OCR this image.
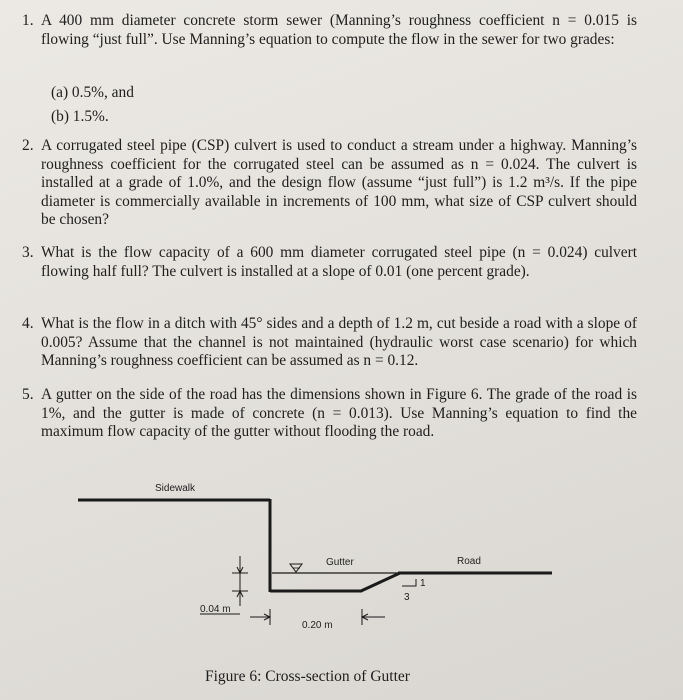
1. A 400 mm diameter concrete storm sewer (Manning’s roughness coefficient n = 0.015 is flowing “just full”. Use Manning’s equation to compute the flow in the sewer for two grades:
(a) 0.5%, and
(b) 1.5%.
2. A corrugated steel pipe (CSP) culvert is used to conduct a stream under a highway. Manning’s roughness coefficient for the corrugated steel can be assumed as n = 0.024. The culvert is installed at a grade of 1.0%, and the design flow (assume “just full”) is 1.2 m³/s. If the pipe diameter is commercially available in increments of 100 mm, what size of CSP culvert should be chosen?
3. What is the flow capacity of a 600 mm diameter corrugated steel pipe (n = 0.024) culvert flowing half full? The culvert is installed at a slope of 0.01 (one percent grade).
4. What is the flow in a ditch with 45° sides and a depth of 1.2 m, cut beside a road with a slope of 0.005? Assume that the channel is not maintained (hydraulic worst case scenario) for which Manning’s roughness coefficient can be assumed as n = 0.12.
5. A gutter on the side of the road has the dimensions shown in Figure 6. The grade of the road is 1%, and the gutter is made of concrete (n = 0.013). Use Manning’s equation to find the maximum flow capacity of the gutter without flooding the road.
Sidewalk
Gutter	Road
0.04 m
0.20 m
3
1
Figure 6: Cross-section of Gutter
